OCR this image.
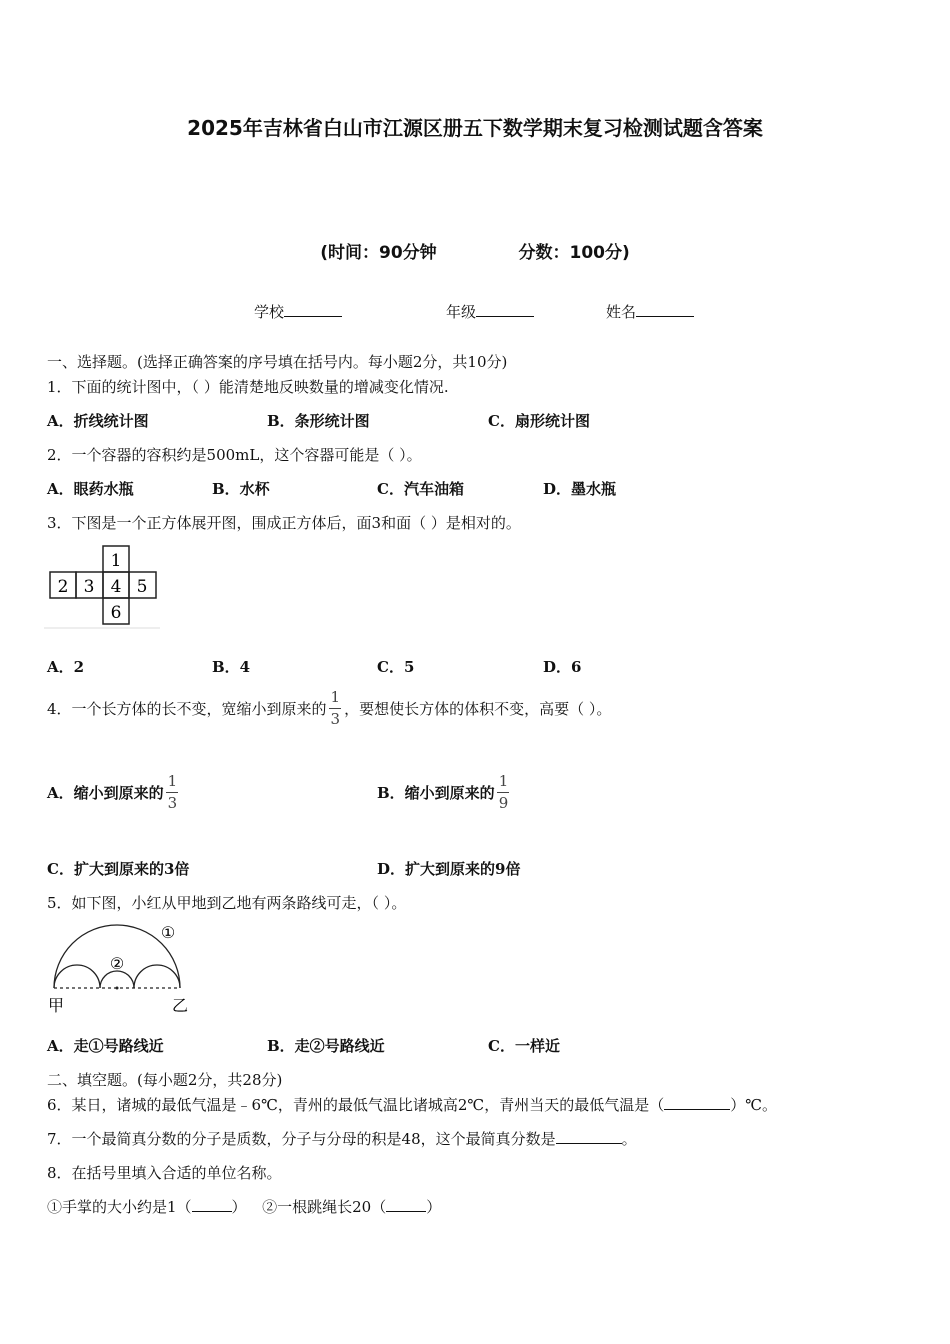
2025年吉林省白山市江源区册五下数学期末复习检测试题含答案
(时间：90分钟	分数：100分)
学校	年级	姓名
一、选择题。(选择正确答案的序号填在括号内。每小题2分，共10分)
1．下面的统计图中，（ ）能清楚地反映数量的增减变化情况.
A．折线统计图	B．条形统计图	C．扇形统计图
2．一个容器的容积约是500mL，这个容器可能是（ ）。
A．眼药水瓶	B．水杯	C．汽车油箱	D．墨水瓶
3．下图是一个正方体展开图，围成正方体后，面3和面（ ）是相对的。
1
2 3 4 5
6
A．2	B．4	C．5	D．6
4．一个长方体的长不变，宽缩小到原来的 $\frac{1}{3}$ ，要想使长方体的体积不变，高要（ ）。
A．缩小到原来的 $\frac{1}{3}$	B．缩小到原来的 $\frac{1}{9}$
C．扩大到原来的3倍	D．扩大到原来的9倍
5．如下图，小红从甲地到乙地有两条路线可走，（ ）。
①
②
甲	乙
A．走①号路线近	B．走②号路线近	C．一样近
二、填空题。(每小题2分，共28分)
6．某日，诸城的最低气温是﹣6℃，青州的最低气温比诸城高2℃，青州当天的最低气温是（	）℃。
7．一个最简真分数的分子是质数，分子与分母的积是48，这个最简真分数是	。
8．在括号里填入合适的单位名称。
①手掌的大小约是1（	） ②一根跳绳长20（	）
